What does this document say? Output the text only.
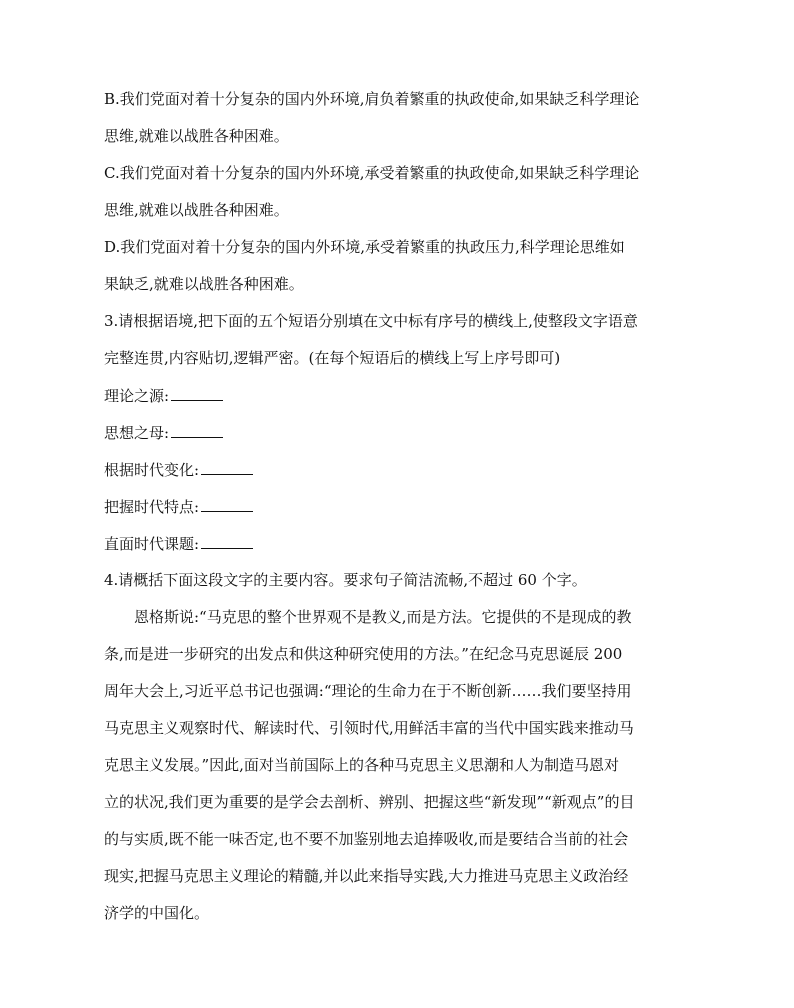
B.我们党面对着十分复杂的国内外环境,肩负着繁重的执政使命,如果缺乏科学理论
思维,就难以战胜各种困难。
C.我们党面对着十分复杂的国内外环境,承受着繁重的执政使命,如果缺乏科学理论
思维,就难以战胜各种困难。
D.我们党面对着十分复杂的国内外环境,承受着繁重的执政压力,科学理论思维如
果缺乏,就难以战胜各种困难。
3.请根据语境,把下面的五个短语分别填在文中标有序号的横线上,使整段文字语意
完整连贯,内容贴切,逻辑严密。(在每个短语后的横线上写上序号即可)
理论之源:
思想之母:
根据时代变化:
把握时代特点:
直面时代课题:
4.请概括下面这段文字的主要内容。要求句子简洁流畅,不超过 60 个字。
恩格斯说:“马克思的整个世界观不是教义,而是方法。它提供的不是现成的教
条,而是进一步研究的出发点和供这种研究使用的方法。”在纪念马克思诞辰 200
周年大会上,习近平总书记也强调:“理论的生命力在于不断创新……我们要坚持用
马克思主义观察时代、解读时代、引领时代,用鲜活丰富的当代中国实践来推动马
克思主义发展。”因此,面对当前国际上的各种马克思主义思潮和人为制造马恩对
立的状况,我们更为重要的是学会去剖析、辨别、把握这些“新发现”“新观点”的目
的与实质,既不能一味否定,也不要不加鉴别地去追捧吸收,而是要结合当前的社会
现实,把握马克思主义理论的精髓,并以此来指导实践,大力推进马克思主义政治经
济学的中国化。
